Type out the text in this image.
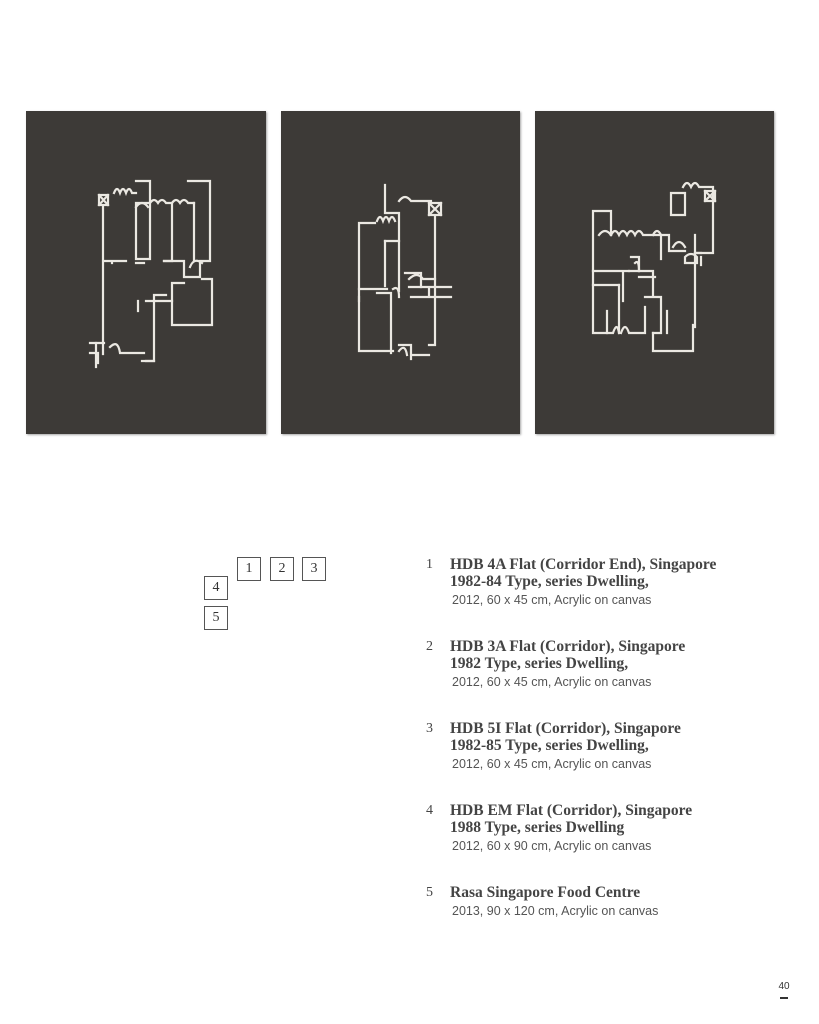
1	2	3
4
5
1	HDB 4A Flat (Corridor End), Singapore
1982-84 Type, series Dwelling,
2012, 60 x 45 cm, Acrylic on canvas
2	HDB 3A Flat (Corridor), Singapore
1982 Type, series Dwelling,
2012, 60 x 45 cm, Acrylic on canvas
3	HDB 5I Flat (Corridor), Singapore
1982-85 Type, series Dwelling,
2012, 60 x 45 cm, Acrylic on canvas
4	HDB EM Flat (Corridor), Singapore
1988 Type, series Dwelling
2012, 60 x 90 cm, Acrylic on canvas
5	Rasa Singapore Food Centre
2013, 90 x 120 cm, Acrylic on canvas
40
